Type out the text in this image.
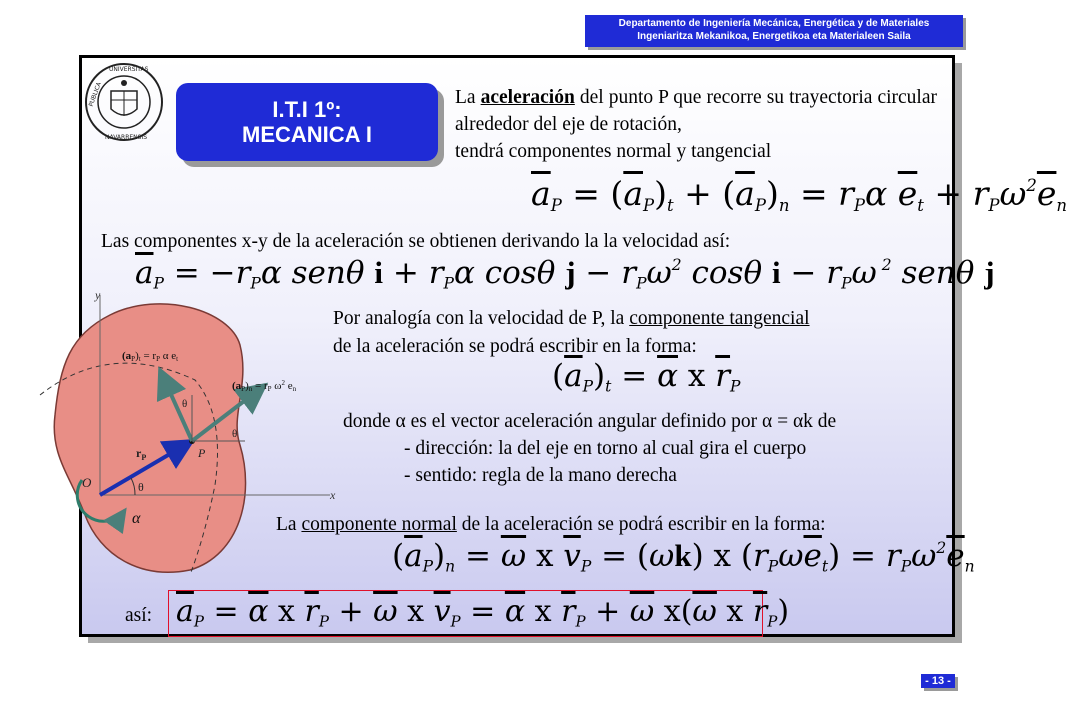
Departamento de Ingeniería Mecánica, Energética y de Materiales
Ingeniaritza Mekanikoa, Energetikoa eta Materialeen Saila
PUBLICA
UNIVERSITAS
NAVARRENSIS
I.T.I 1º:
MECANICA I
La aceleración del punto P que recorre su trayectoria circular alrededor del eje de rotación,
tendrá componentes normal y tangencial
$\overline{a}_P = (\overline{a}_P)_t + (\overline{a}_P)_n = r_P\alpha$ $\overline{e}_t + r_P\omega^2\overline{e}_n$
Las componentes x-y de la aceleración se obtienen derivando la la velocidad así:
$\overline{a}_P = -r_P\alpha$ senθ $i + r_P\alpha$ cosθ $j - r_P\omega^2$ cosθ $i - r_P\omega$ $^2$ senθ j
Por analogía con la velocidad de P, la componente tangencial
de la aceleración se podrá escribir en la forma:
$(\overline{a}_P)_t = \overline{\alpha}$ x $\overline{r}_P$
donde α es el vector aceleración angular definido por α = αk de
- dirección: la del eje en torno al cual gira el cuerpo
- sentido: regla de la mano derecha
La componente normal de la aceleración se podrá escribir en la forma:
$(\overline{a}_P)_n = \overline{\omega}$ x $\overline{v}_P = (\omega k)$ x $(r_P\omega\overline{e}_t) = r_P\omega^2\overline{e}_n$
así: $\overline{a}_P = \overline{\alpha}$ x $\overline{r}_P + \overline{\omega}$ x $\overline{v}_P = \overline{\alpha}$ x $\overline{r}_P + \overline{\omega}$ $x(\overline{\omega}$ x $\overline{r}_P$)
y
x
O
P
$r_P$
θ
θ
θ
(aP)t = rP α et
(aP)n = rP $\omega^2$ en
α
- 13 -
